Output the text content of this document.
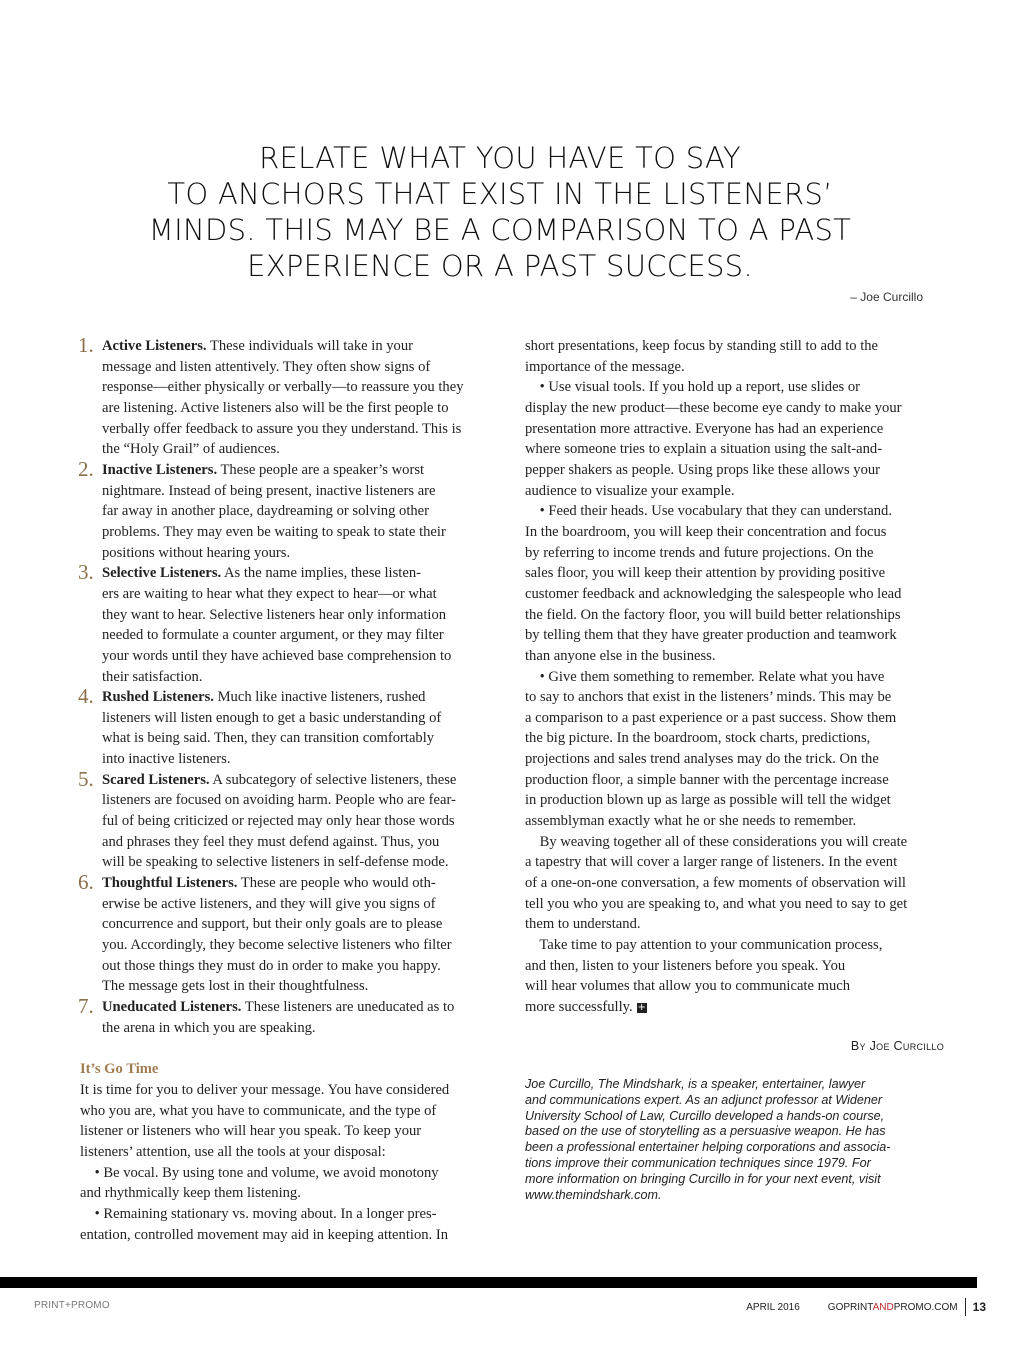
RELATE WHAT YOU HAVE TO SAY
TO ANCHORS THAT EXIST IN THE LISTENERS’
MINDS. THIS MAY BE A COMPARISON TO A PAST
EXPERIENCE OR A PAST SUCCESS.
– Joe Curcillo
1. Active Listeners. These individuals will take in your
message and listen attentively. They often show signs of
response—either physically or verbally—to reassure you they
are listening. Active listeners also will be the first people to
verbally offer feedback to assure you they understand. This is
the “Holy Grail” of audiences.
2. Inactive Listeners. These people are a speaker’s worst
nightmare. Instead of being present, inactive listeners are
far away in another place, daydreaming or solving other
problems. They may even be waiting to speak to state their
positions without hearing yours.
3. Selective Listeners. As the name implies, these listen-
ers are waiting to hear what they expect to hear—or what
they want to hear. Selective listeners hear only information
needed to formulate a counter argument, or they may filter
your words until they have achieved base comprehension to
their satisfaction.
4. Rushed Listeners. Much like inactive listeners, rushed
listeners will listen enough to get a basic understanding of
what is being said. Then, they can transition comfortably
into inactive listeners.
5. Scared Listeners. A subcategory of selective listeners, these
listeners are focused on avoiding harm. People who are fear-
ful of being criticized or rejected may only hear those words
and phrases they feel they must defend against. Thus, you
will be speaking to selective listeners in self-defense mode.
6. Thoughtful Listeners. These are people who would oth-
erwise be active listeners, and they will give you signs of
concurrence and support, but their only goals are to please
you. Accordingly, they become selective listeners who filter
out those things they must do in order to make you happy.
The message gets lost in their thoughtfulness.
7. Uneducated Listeners. These listeners are uneducated as to
the arena in which you are speaking.
It’s Go Time
It is time for you to deliver your message. You have considered
who you are, what you have to communicate, and the type of
listener or listeners who will hear you speak. To keep your
listeners’ attention, use all the tools at your disposal:
• Be vocal. By using tone and volume, we avoid monotony
and rhythmically keep them listening.
• Remaining stationary vs. moving about. In a longer pres-
entation, controlled movement may aid in keeping attention. In
short presentations, keep focus by standing still to add to the
importance of the message.
• Use visual tools. If you hold up a report, use slides or
display the new product—these become eye candy to make your
presentation more attractive. Everyone has had an experience
where someone tries to explain a situation using the salt-and-
pepper shakers as people. Using props like these allows your
audience to visualize your example.
• Feed their heads. Use vocabulary that they can understand.
In the boardroom, you will keep their concentration and focus
by referring to income trends and future projections. On the
sales floor, you will keep their attention by providing positive
customer feedback and acknowledging the salespeople who lead
the field. On the factory floor, you will build better relationships
by telling them that they have greater production and teamwork
than anyone else in the business.
• Give them something to remember. Relate what you have
to say to anchors that exist in the listeners’ minds. This may be
a comparison to a past experience or a past success. Show them
the big picture. In the boardroom, stock charts, predictions,
projections and sales trend analyses may do the trick. On the
production floor, a simple banner with the percentage increase
in production blown up as large as possible will tell the widget
assemblyman exactly what he or she needs to remember.
By weaving together all of these considerations you will create
a tapestry that will cover a larger range of listeners. In the event
of a one-on-one conversation, a few moments of observation will
tell you who you are speaking to, and what you need to say to get
them to understand.
Take time to pay attention to your communication process,
and then, listen to your listeners before you speak. You
will hear volumes that allow you to communicate much
more successfully. +
By Joe Curcillo
Joe Curcillo, The Mindshark, is a speaker, entertainer, lawyer
and communications expert. As an adjunct professor at Widener
University School of Law, Curcillo developed a hands-on course,
based on the use of storytelling as a persuasive weapon. He has
been a professional entertainer helping corporations and associa-
tions improve their communication techniques since 1979. For
more information on bringing Curcillo in for your next event, visit
www.themindshark.com.
PRINT+PROMO	APRIL 2016	GOPRINTANDPROMO.COM 13
